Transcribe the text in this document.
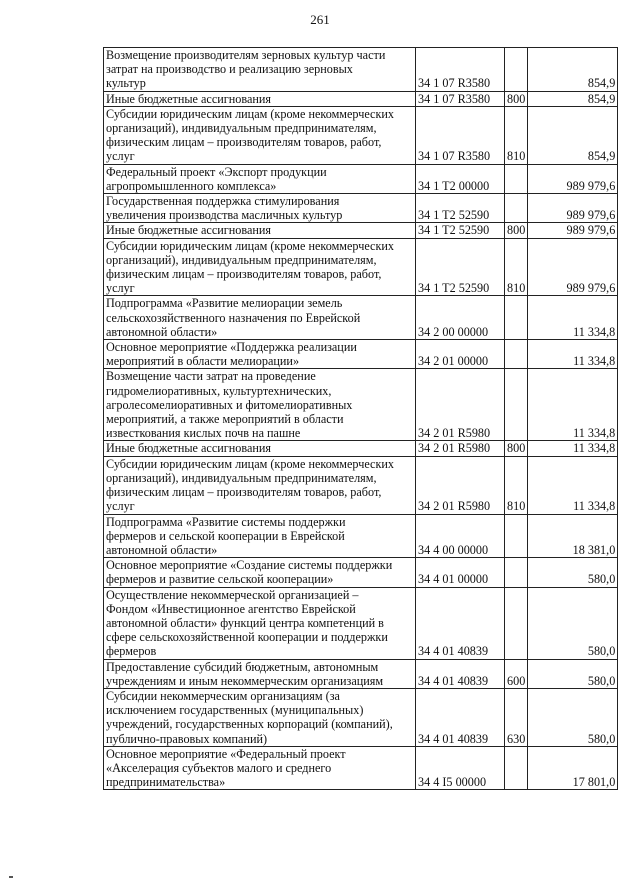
261
Возмещение производителям зерновых культур части
затрат на производство и реализацию зерновых
культур	34 1 07 R3580		854,9

Иные бюджетные ассигнования	34 1 07 R3580	800	854,9

Субсидии юридическим лицам (кроме некоммерческих
организаций), индивидуальным предпринимателям,
физическим лицам – производителям товаров, работ,
услуг	34 1 07 R3580	810	854,9

Федеральный проект «Экспорт продукции
агропромышленного комплекса»	34 1 T2 00000		989 979,6

Государственная поддержка стимулирования
увеличения производства масличных культур	34 1 T2 52590		989 979,6

Иные бюджетные ассигнования	34 1 T2 52590	800	989 979,6

Субсидии юридическим лицам (кроме некоммерческих
организаций), индивидуальным предпринимателям,
физическим лицам – производителям товаров, работ,
услуг	34 1 T2 52590	810	989 979,6

Подпрограмма «Развитие мелиорации земель
сельскохозяйственного назначения по Еврейской
автономной области»	34 2 00 00000		11 334,8

Основное мероприятие «Поддержка реализации
мероприятий в области мелиорации»	34 2 01 00000		11 334,8

Возмещение части затрат на проведение
гидромелиоративных, культуртехнических,
агролесомелиоративных и фитомелиоративных
мероприятий, а также мероприятий в области
известкования кислых почв на пашне	34 2 01 R5980		11 334,8

Иные бюджетные ассигнования	34 2 01 R5980	800	11 334,8

Субсидии юридическим лицам (кроме некоммерческих
организаций), индивидуальным предпринимателям,
физическим лицам – производителям товаров, работ,
услуг	34 2 01 R5980	810	11 334,8

Подпрограмма «Развитие системы поддержки
фермеров и сельской кооперации в Еврейской
автономной области»	34 4 00 00000		18 381,0

Основное мероприятие «Создание системы поддержки
фермеров и развитие сельской кооперации»	34 4 01 00000		580,0

Осуществление некоммерческой организацией –
Фондом «Инвестиционное агентство Еврейской
автономной области» функций центра компетенций в
сфере сельскохозяйственной кооперации и поддержки
фермеров	34 4 01 40839		580,0

Предоставление субсидий бюджетным, автономным
учреждениям и иным некоммерческим организациям	34 4 01 40839	600	580,0

Субсидии некоммерческим организациям (за
исключением государственных (муниципальных)
учреждений, государственных корпораций (компаний),
публично-правовых компаний)	34 4 01 40839	630	580,0

Основное мероприятие «Федеральный проект
«Акселерация субъектов малого и среднего
предпринимательства»	34 4 I5 00000		17 801,0
